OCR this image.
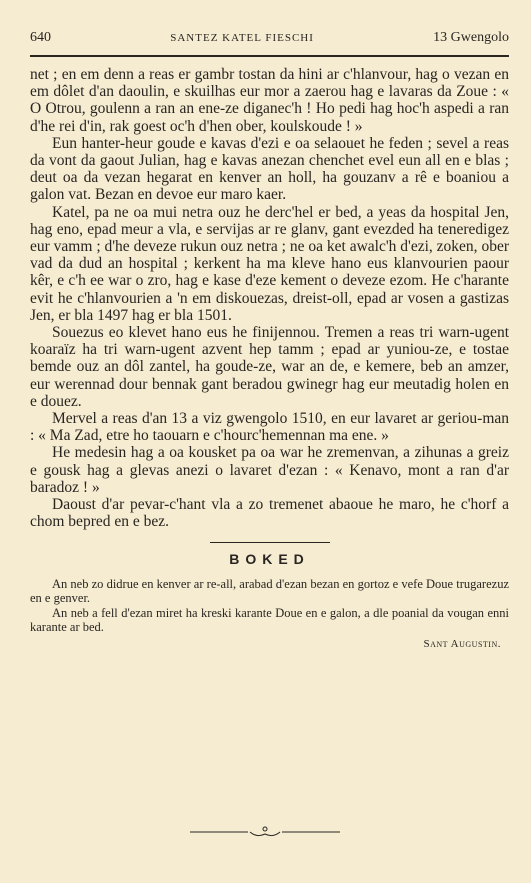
640	SANTEZ KATEL FIESCHI	13 Gwengolo

net ; en em denn a reas er gambr tostan da hini ar c'hlanvour, hag o vezan en em dôlet d'an daoulin, e skuilhas eur mor a zaerou hag e lavaras da Zoue : « O Otrou, goulenn a ran an ene-ze diganec'h ! Ho pedi hag hoc'h aspedi a ran d'he rei d'in, rak goest oc'h d'hen ober, koulskoude ! »

Eun hanter-heur goude e kavas d'ezi e oa selaouet he feden ; sevel a reas da vont da gaout Julian, hag e kavas anezan chenchet evel eun all en e blas ; deut oa da vezan hegarat en kenver an holl, ha gouzanv a rê e boaniou a galon vat. Bezan en devoe eur maro kaer.

Katel, pa ne oa mui netra ouz he derc'hel er bed, a yeas da hospital Jen, hag eno, epad meur a vla, e servijas ar re glanv, gant evezded ha teneredigez eur vamm ; d'he deveze rukun ouz netra ; ne oa ket awalc'h d'ezi, zoken, ober vad da dud an hospital ; kerkent ha ma kleve hano eus klanvourien paour kêr, e c'h ee war o zro, hag e kase d'eze kement o deveze ezom. He c'harante evit he c'hlanvourien a 'n em diskouezas, dreist-oll, epad ar vosen a gastizas Jen, er bla 1497 hag er bla 1501.

Souezus eo klevet hano eus he finijennou. Tremen a reas tri warn-ugent koaraïz ha tri warn-ugent azvent hep tamm ; epad ar yuniou-ze, e tostae bemde ouz an dôl zantel, ha goude-ze, war an de, e kemere, beb an amzer, eur werennad dour bennak gant beradou gwinegr hag eur meutadig holen en e douez.

Mervel a reas d'an 13 a viz gwengolo 1510, en eur lavaret ar geriou-man : « Ma Zad, etre ho taouarn e c'hourc'hemennan ma ene. »

He medesin hag a oa kousket pa oa war he zremenvan, a zihunas a greiz e gousk hag a glevas anezi o lavaret d'ezan : « Kenavo, mont a ran d'ar baradoz ! »

Daoust d'ar pevar-c'hant vla a zo tremenet abaoue he maro, he c'horf a chom bepred en e bez.

BOKED

An neb zo didrue en kenver ar re-all, arabad d'ezan bezan en gortoz e vefe Doue trugarezuz en e genver.

An neb a fell d'ezan miret ha kreski karante Doue en e galon, a dle poanial da vougan enni karante ar bed.

Sant Augustin.
